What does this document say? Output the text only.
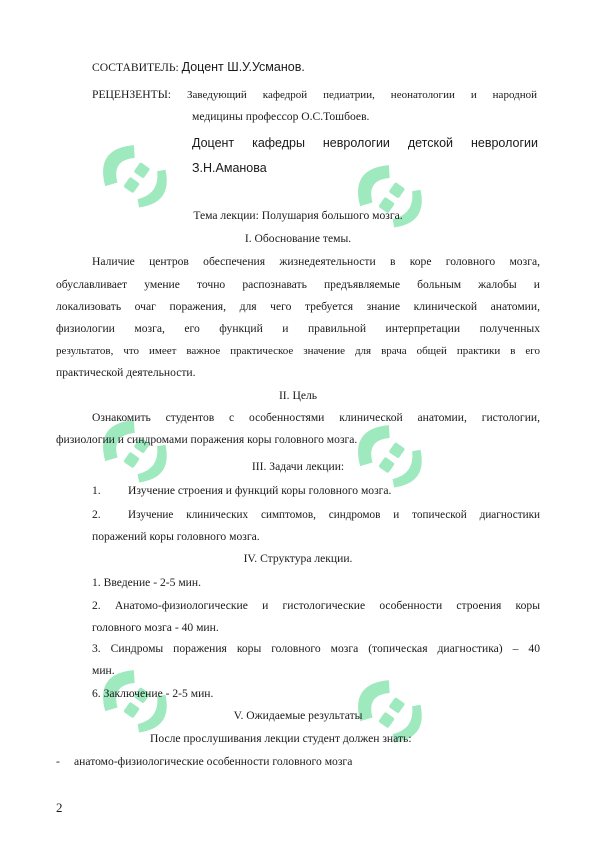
СОСТАВИТЕЛЬ: Доцент Ш.У.Усманов.
РЕЦЕНЗЕНТЫ: Заведующий кафедрой педиатрии, неонатологии и народной
медицины профессор О.С.Тошбоев.
Доцент кафедры неврологии детской неврологии
З.Н.Аманова
Тема лекции: Полушария большого мозга.
I. Обоснование темы.
Наличие центров обеспечения жизнедеятельности в коре головного мозга,
обуславливает умение точно распознавать предъявляемые больным жалобы и
локализовать очаг поражения, для чего требуется знание клинической анатомии,
физиологии мозга, его функций и правильной интерпретации полученных
результатов, что имеет важное практическое значение для врача общей практики в его
практической деятельности.
II. Цель
Ознакомить студентов с особенностями клинической анатомии, гистологии,
физиологии и синдромами поражения коры головного мозга.
III. Задачи лекции:
1. Изучение строения и функций коры головного мозга.
2. Изучение клинических симптомов, синдромов и топической диагностики
поражений коры головного мозга.
IV. Структура лекции.
1. Введение - 2-5 мин.
2. Анатомо-физиологические и гистологические особенности строения коры
головного мозга - 40 мин.
3. Синдромы поражения коры головного мозга (топическая диагностика) – 40
мин.
6. Заключение - 2-5 мин.
V. Ожидаемые результаты
После прослушивания лекции студент должен знать:
- анатомо-физиологические особенности головного мозга
2
